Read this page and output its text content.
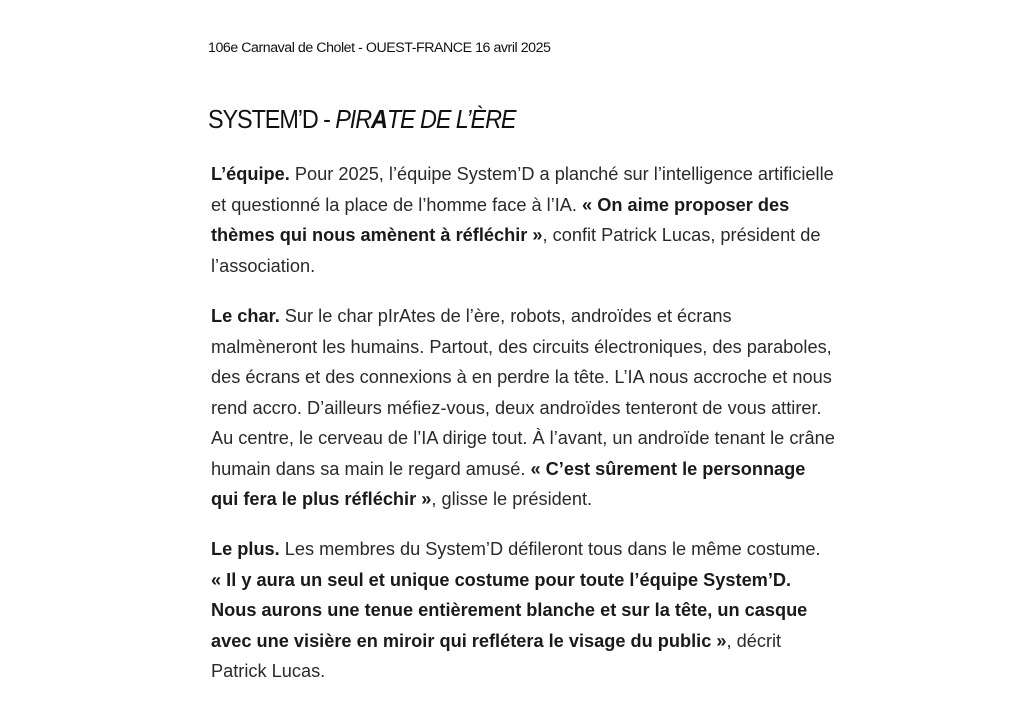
106e Carnaval de Cholet - OUEST-FRANCE 16 avril 2025
SYSTEM’D - PIRATE DE L’ÈRE
L’équipe. Pour 2025, l’équipe System’D a planché sur l’intelligence artificielle
et questionné la place de l’homme face à l’IA. « On aime proposer des
thèmes qui nous amènent à réfléchir », confit Patrick Lucas, président de
l’association.
Le char. Sur le char pIrAtes de l’ère, robots, androïdes et écrans
malmèneront les humains. Partout, des circuits électroniques, des paraboles,
des écrans et des connexions à en perdre la tête. L’IA nous accroche et nous
rend accro. D’ailleurs méfiez-vous, deux androïdes tenteront de vous attirer.
Au centre, le cerveau de l’IA dirige tout. À l’avant, un androïde tenant le crâne
humain dans sa main le regard amusé. « C’est sûrement le personnage
qui fera le plus réfléchir », glisse le président.
Le plus. Les membres du System’D défileront tous dans le même costume.
« Il y aura un seul et unique costume pour toute l’équipe System’D.
Nous aurons une tenue entièrement blanche et sur la tête, un casque
avec une visière en miroir qui reflétera le visage du public », décrit
Patrick Lucas.
